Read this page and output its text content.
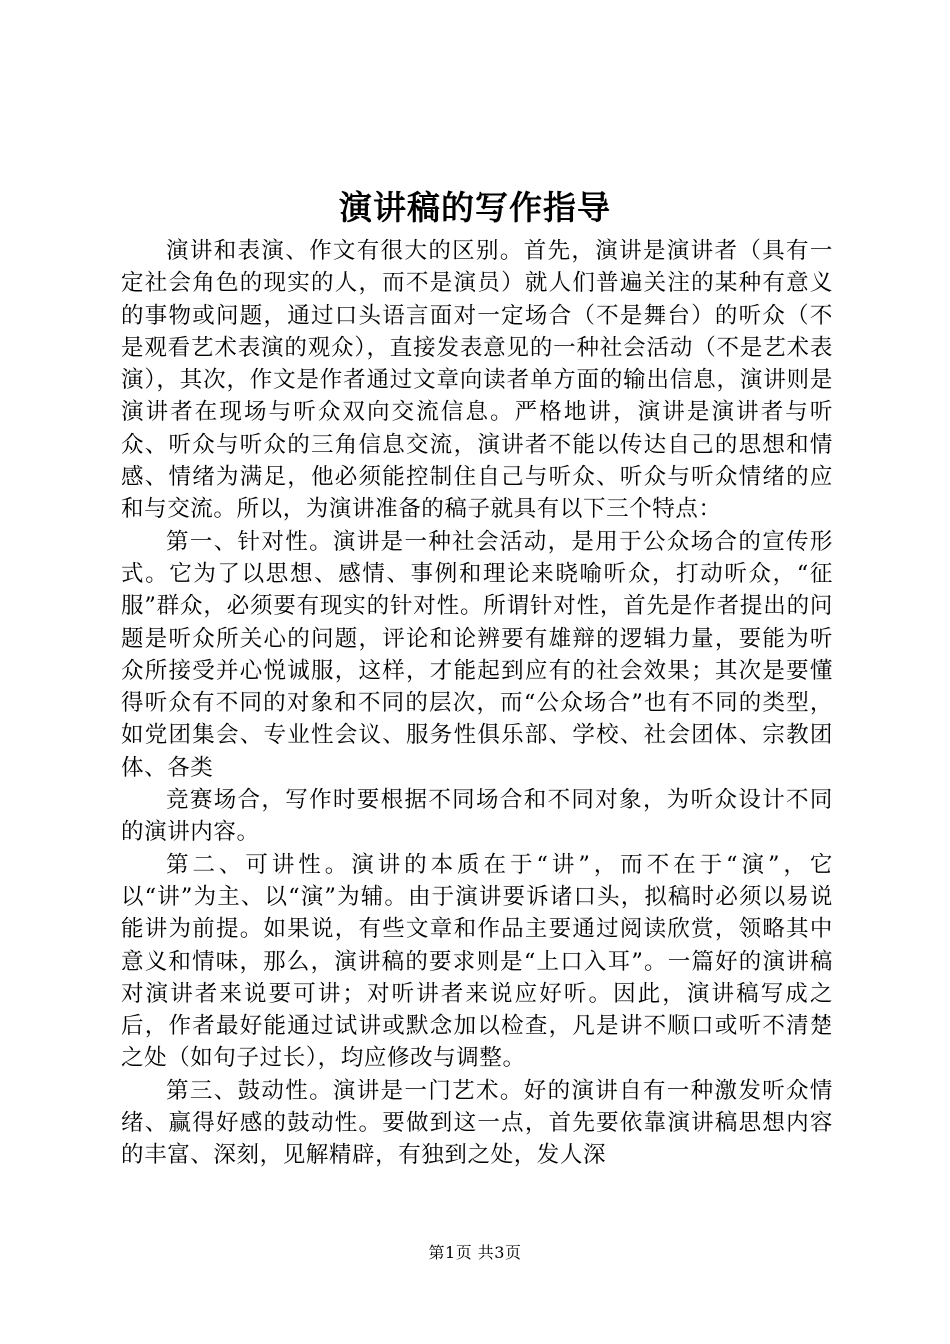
演讲稿的写作指导

演讲和表演、作文有很大的区别。首先，演讲是演讲者（具有一定社会角色的现实的人，而不是演员）就人们普遍关注的某种有意义的事物或问题，通过口头语言面对一定场合（不是舞台）的听众（不是观看艺术表演的观众），直接发表意见的一种社会活动（不是艺术表演），其次，作文是作者通过文章向读者单方面的输出信息，演讲则是演讲者在现场与听众双向交流信息。严格地讲，演讲是演讲者与听众、听众与听众的三角信息交流，演讲者不能以传达自己的思想和情感、情绪为满足，他必须能控制住自己与听众、听众与听众情绪的应和与交流。所以，为演讲准备的稿子就具有以下三个特点：

第一、针对性。演讲是一种社会活动，是用于公众场合的宣传形式。它为了以思想、感情、事例和理论来晓喻听众，打动听众，“征服”群众，必须要有现实的针对性。所谓针对性，首先是作者提出的问题是听众所关心的问题，评论和论辨要有雄辩的逻辑力量，要能为听众所接受并心悦诚服，这样，才能起到应有的社会效果；其次是要懂得听众有不同的对象和不同的层次，而“公众场合”也有不同的类型，如党团集会、专业性会议、服务性俱乐部、学校、社会团体、宗教团体、各类

竞赛场合，写作时要根据不同场合和不同对象，为听众设计不同的演讲内容。

第二、可讲性。演讲的本质在于“讲”，而不在于“演”，它以“讲”为主、以“演”为辅。由于演讲要诉诸口头，拟稿时必须以易说能讲为前提。如果说，有些文章和作品主要通过阅读欣赏，领略其中意义和情味，那么，演讲稿的要求则是“上口入耳”。一篇好的演讲稿对演讲者来说要可讲；对听讲者来说应好听。因此，演讲稿写成之后，作者最好能通过试讲或默念加以检查，凡是讲不顺口或听不清楚之处（如句子过长），均应修改与调整。

第三、鼓动性。演讲是一门艺术。好的演讲自有一种激发听众情绪、赢得好感的鼓动性。要做到这一点，首先要依靠演讲稿思想内容的丰富、深刻，见解精辟，有独到之处，发人深

第1页 共3页
